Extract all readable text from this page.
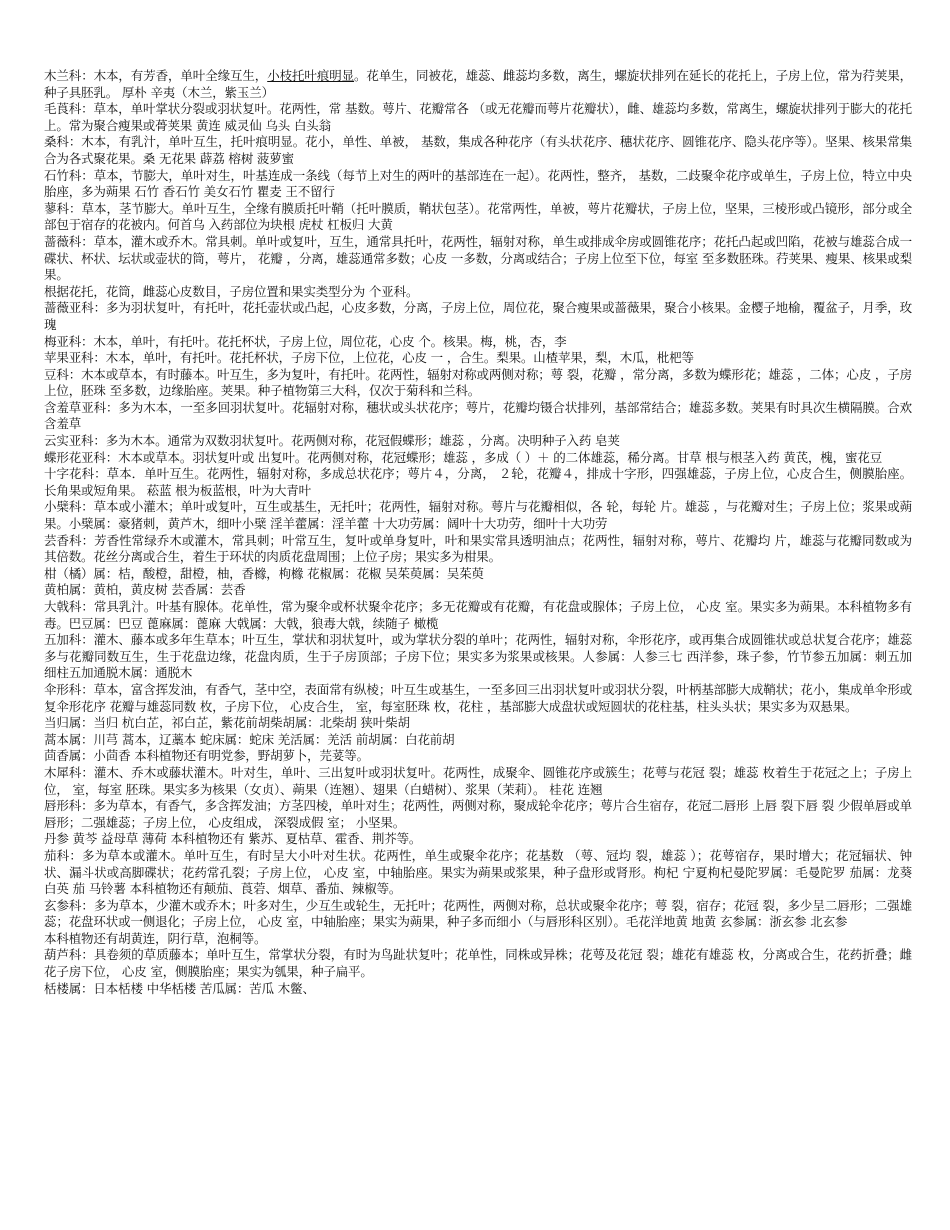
木兰科：木本，有芳香，单叶全缘互生，小枝托叶痕明显。花单生，同被花，雄蕊、雌蕊均多数，离生，螺旋状排列在延长的花托上，子房上位，常为荇荚果，种子具胚乳。 厚朴 辛夷（木兰，紫玉兰）

毛莨科：草本，单叶掌状分裂或羽状复叶。花两性，常 基数。萼片、花瓣常各 （或无花瓣而萼片花瓣状），雌、雄蕊均多数，常离生，螺旋状排列于膨大的花托上。常为聚合瘦果或蓇荚果 黄连 威灵仙 乌头 白头翁

桑科：木本，有乳汁，单叶互生，托叶痕明显。花小，单性、单被， 基数，集成各种花序（有头状花序、穗状花序、圆锥花序、隐头花序等）。坚果、核果常集合为各式聚花果。桑 无花果 薜荔 榕树 菠萝蜜

石竹科：草本，节膨大，单叶对生，叶基连成一条线（每节上对生的两叶的基部连在一起）。花两性，整齐， 基数，二歧聚伞花序或单生，子房上位，特立中央胎座，多为蒴果 石竹 香石竹 美女石竹 瞿麦 王不留行

蓼科：草本，茎节膨大。单叶互生，全缘有膜质托叶鞘（托叶膜质，鞘状包茎）。花常两性，单被，萼片花瓣状，子房上位，坚果，三棱形或凸镜形，部分或全部包于宿存的花被内。何首乌 入药部位为块根 虎杖 杠板归 大黄

蔷薇科：草本，灌木或乔木。常具刺。单叶或复叶，互生，通常具托叶，花两性，辐射对称，单生或排成伞房或圆锥花序；花托凸起或凹陷，花被与雄蕊合成一碟状、杯状、坛状或壶状的筒，萼片， 花瓣 ，分离，雄蕊通常多数；心皮 一多数，分离或结合；子房上位至下位，每室 至多数胚珠。荇荚果、瘦果、核果或梨果。

根据花托，花筒，雌蕊心皮数目，子房位置和果实类型分为 个亚科。

蔷薇亚科：多为羽状复叶，有托叶，花托壶状或凸起，心皮多数，分离，子房上位，周位花，聚合瘦果或蔷薇果，聚合小核果。金樱子地榆，覆盆子，月季，玫瑰

梅亚科：木本，单叶，有托叶。花托杯状，子房上位，周位花，心皮 个。核果。梅，桃，杏，李

苹果亚科：木本，单叶，有托叶。花托杯状，子房下位，上位花，心皮 一 ，合生。梨果。山楂苹果，梨，木瓜，枇杷等

豆科：木本或草本，有时藤本。叶互生，多为复叶，有托叶。花两性，辐射对称或两侧对称；萼 裂，花瓣 ，常分离，多数为蝶形花；雄蕊 ，二体；心皮 ，子房上位，胚珠 至多数，边缘胎座。荚果。种子植物第三大科，仅次于菊科和兰科。

含羞草亚科：多为木本，一至多回羽状复叶。花辐射对称，穗状或头状花序；萼片，花瓣均镊合状排列，基部常结合；雄蕊多数。荚果有时具次生横隔膜。合欢 含羞草

云实亚科：多为木本。通常为双数羽状复叶。花两侧对称，花冠假蝶形；雄蕊 ，分离。决明种子入药 皂荚

蝶形花亚科：木本或草本。羽状复叶或 出复叶。花两侧对称，花冠蝶形；雄蕊 ，多成（ ）＋ 的二体雄蕊，稀分离。甘草 根与根茎入药 黄芪，槐，蜜花豆

十字花科：草本．单叶互生。花两性，辐射对称，多成总状花序；萼片４，分离， ２轮，花瓣４，排成十字形，四强雄蕊，子房上位，心皮合生，侧膜胎座。长角果或短角果。 菘蓝 根为板蓝根，叶为大青叶

小檗科：草本或小灌木；单叶或复叶，互生或基生，无托叶；花两性，辐射对称。萼片与花瓣相似，各 轮，每轮 片。雄蕊 ，与花瓣对生；子房上位；浆果或蒴果。小檗属：豪猪刺，黄芦木，细叶小檗 淫羊藿属：淫羊藿 十大功劳属：阔叶十大功劳，细叶十大功劳

芸香科：芳香性常绿乔木或灌木，常具刺；叶常互生，复叶或单身复叶，叶和果实常具透明油点；花两性，辐射对称，萼片、花瓣均 片，雄蕊与花瓣同数或为其倍数。花丝分离或合生，着生于环状的肉质花盘周围；上位子房；果实多为柑果。

柑（橘）属：桔，酸橙，甜橙，柚，香橼，枸橼 花椒属：花椒 吴茱萸属：吴茱萸

黄柏属：黄柏，黄皮树 芸香属：芸香

大戟科：常具乳汁。叶基有腺体。花单性，常为聚伞或杯状聚伞花序；多无花瓣或有花瓣，有花盘或腺体；子房上位， 心皮 室。果实多为蒴果。本科植物多有毒。巴豆属：巴豆 蓖麻属：蓖麻 大戟属：大戟，狼毒大戟，续随子 橄榄

五加科：灌木、藤本或多年生草本；叶互生，掌状和羽状复叶，或为掌状分裂的单叶；花两性，辐射对称，伞形花序，或再集合成圆锥状或总状复合花序；雄蕊多与花瓣同数互生，生于花盘边缘，花盘肉质，生于子房顶部；子房下位；果实多为浆果或核果。人参属：人参三七 西洋参，珠子参，竹节参五加属：刺五加 细柱五加通脱木属：通脱木

伞形科：草本，富含挥发油，有香气，茎中空，表面常有纵棱；叶互生或基生，一至多回三出羽状复叶或羽状分裂，叶柄基部膨大成鞘状；花小，集成单伞形或复伞形花序 花瓣与雄蕊同数 枚，子房下位， 心皮合生， 室，每室胚珠 枚，花柱 ，基部膨大成盘状或短圆状的花柱基，柱头头状；果实多为双悬果。

当归属：当归 杭白芷，祁白芷，紫花前胡柴胡属：北柴胡 狭叶柴胡

蒿本属：川芎 蒿本，辽藁本 蛇床属：蛇床 羌活属：羌活 前胡属：白花前胡

茴香属：小茴香 本科植物还有明党参，野胡萝卜，芫荽等。

木犀科：灌木、乔木或藤状灌木。叶对生，单叶、三出复叶或羽状复叶。花两性，成聚伞、圆锥花序或簇生；花萼与花冠 裂；雄蕊 枚着生于花冠之上；子房上位， 室，每室 胚珠。果实多为核果（女贞）、蒴果（连翘）、翅果（白蜡树）、浆果（茉莉）。 桂花 连翘

唇形科：多为草本，有香气，多含挥发油；方茎四棱，单叶对生；花两性，两侧对称，聚成轮伞花序；萼片合生宿存，花冠二唇形 上唇 裂下唇 裂 少假单唇或单唇形；二强雄蕊；子房上位， 心皮组成， 深裂成假 室； 小坚果。

丹参 黄芩 益母草 薄荷 本科植物还有 紫苏、夏枯草、霍香、荆芥等。

茄科：多为草本或灌木。单叶互生，有时呈大小叶对生状。花两性，单生或聚伞花序；花基数 （萼、冠均 裂，雄蕊 ）；花萼宿存，果时增大；花冠辐状、钟状、漏斗状或高脚碟状；花药常孔裂；子房上位， 心皮 室，中轴胎座。果实为蒴果或浆果，种子盘形或肾形。枸杞 宁夏枸杞曼陀罗属：毛曼陀罗 茄属：龙葵 白英 茄 马铃薯 本科植物还有颠茄、莨菪、烟草、番茄、辣椒等。

玄参科：多为草本，少灌木或乔木；叶多对生，少互生或轮生，无托叶；花两性，两侧对称，总状或聚伞花序；萼 裂，宿存；花冠 裂，多少呈二唇形；二强雄蕊；花盘环状或一侧退化；子房上位， 心皮 室，中轴胎座；果实为蒴果，种子多而细小（与唇形科区别）。毛花洋地黄 地黄 玄参属：浙玄参 北玄参

本科植物还有胡黄连，阴行草，泡桐等。

葫芦科：具卷须的草质藤本；单叶互生，常掌状分裂，有时为鸟趾状复叶；花单性，同株或异株；花萼及花冠 裂；雄花有雄蕊 枚，分离或合生，花药折叠；雌花子房下位， 心皮 室，侧膜胎座；果实为瓠果，种子扁平。

栝楼属：日本栝楼 中华栝楼 苦瓜属：苦瓜 木鳖、
